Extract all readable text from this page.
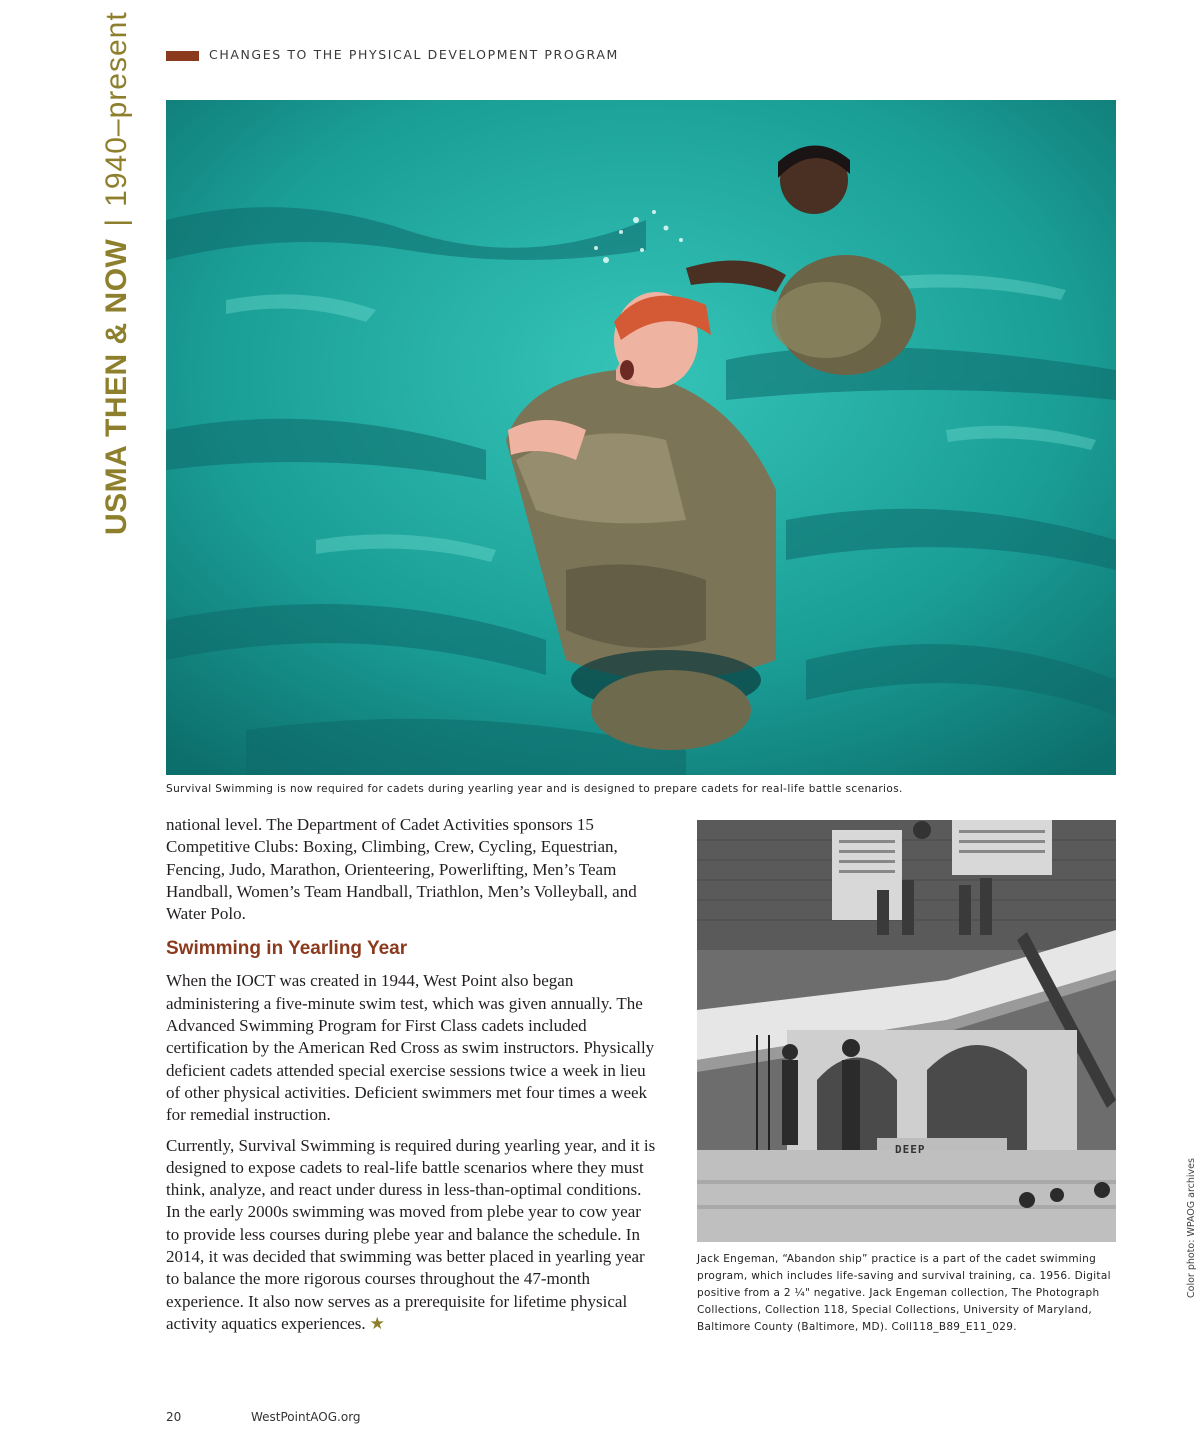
CHANGES TO THE PHYSICAL DEVELOPMENT PROGRAM
USMA THEN & NOW|1940–present
Survival Swimming is now required for cadets during yearling year and is designed to prepare cadets for real-life battle scenarios.

national level. The Department of Cadet Activities sponsors 15 Competitive Clubs: Boxing, Climbing, Crew, Cycling, Equestrian, Fencing, Judo, Marathon, Orienteering, Powerlifting, Men’s Team Handball, Women’s Team Handball, Triathlon, Men’s Volleyball, and Water Polo.

Swimming in Yearling Year

When the IOCT was created in 1944, West Point also began administering a five-minute swim test, which was given annually. The Advanced Swimming Program for First Class cadets included certification by the American Red Cross as swim instructors. Physically deficient cadets attended special exercise sessions twice a week in lieu of other physical activities. Deficient swimmers met four times a week for remedial instruction.

Currently, Survival Swimming is required during yearling year, and it is designed to expose cadets to real-life battle scenarios where they must think, analyze, and react under duress in less-than-optimal conditions. In the early 2000s swimming was moved from plebe year to cow year to provide less courses during plebe year and balance the schedule. In 2014, it was decided that swimming was better placed in yearling year to balance the more rigorous courses throughout the 47-month experience. It also now serves as a prerequisite for lifetime physical activity aquatics experiences. ★

DEEP
Jack Engeman, “Abandon ship” practice is a part of the cadet swimming program, which includes life-saving and survival training, ca. 1956. Digital positive from a 2 ¼" negative. Jack Engeman collection, The Photograph Collections, Collection 118, Special Collections, University of Maryland, Baltimore County (Baltimore, MD). Coll118_B89_E11_029.
Color photo: WPAOG archives
20	WestPointAOG.org
